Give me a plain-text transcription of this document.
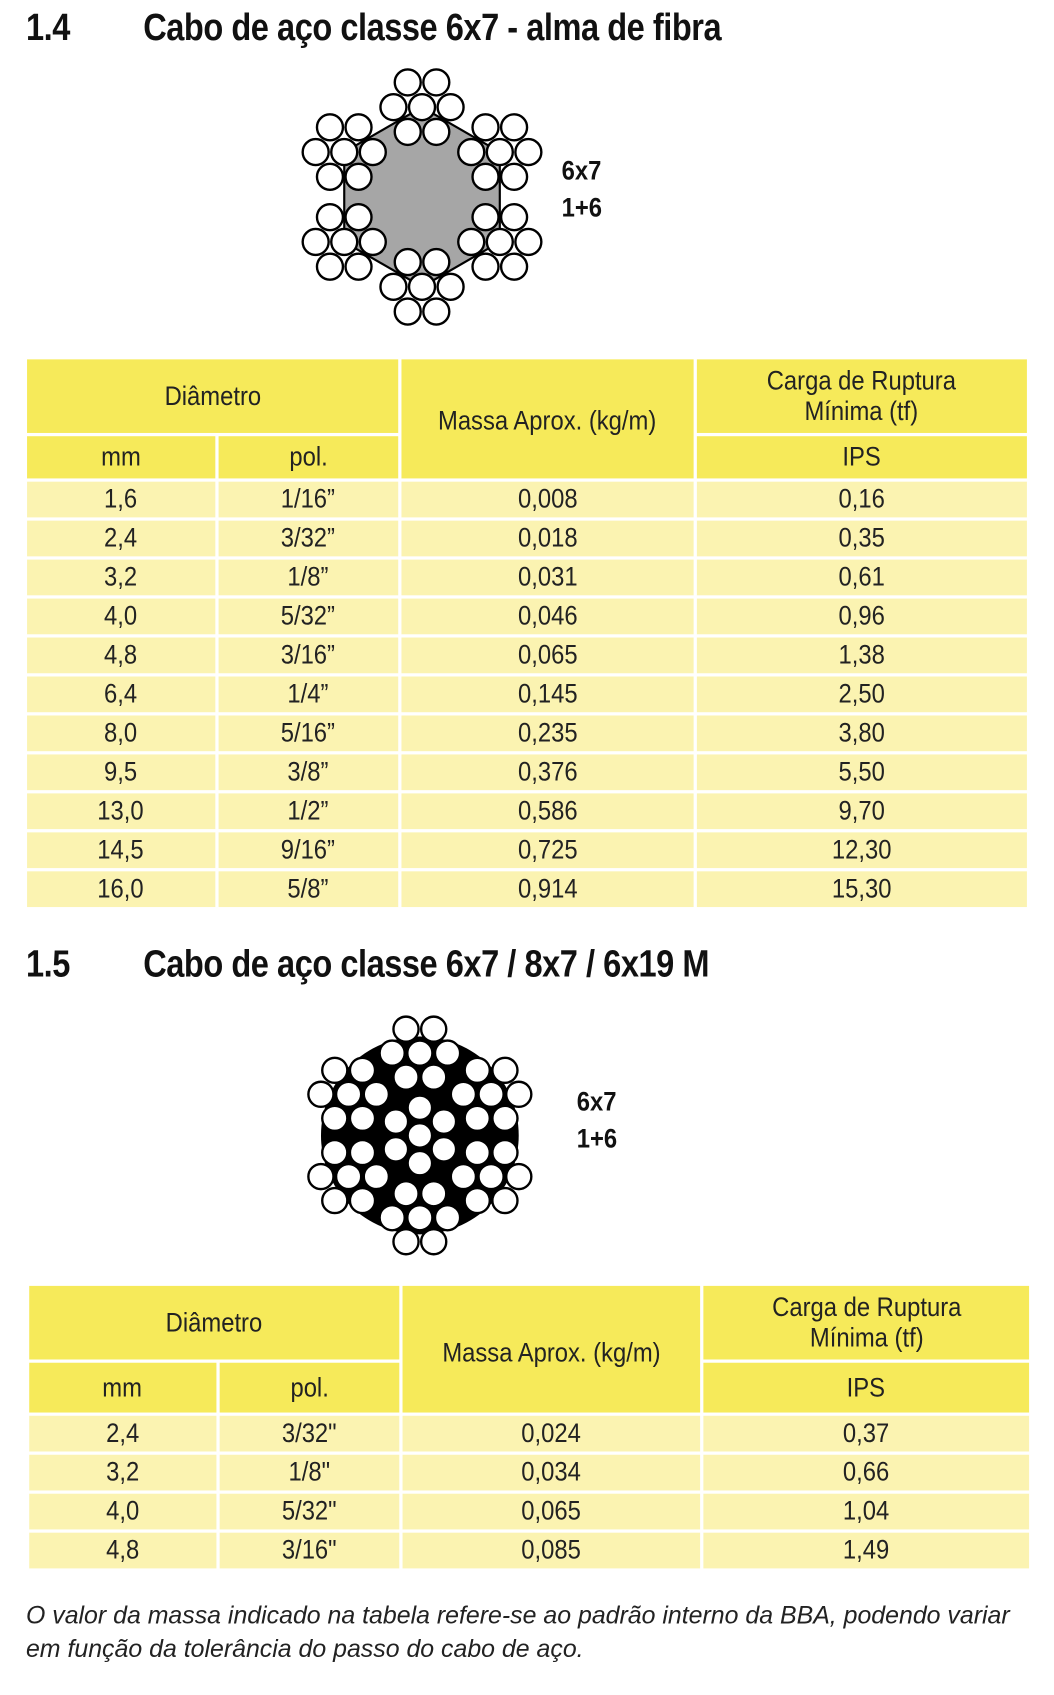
1.4 Cabo de aço classe 6x7 - alma de fibra
6x7
1+6
Diâmetro		Massa Aprox. (kg/m)	Carga de Ruptura Mínima (tf)
mm	pol.		IPS
1,6	1/16”	0,008	0,16
2,4	3/32”	0,018	0,35
3,2	1/8”	0,031	0,61
4,0	5/32”	0,046	0,96
4,8	3/16”	0,065	1,38
6,4	1/4”	0,145	2,50
8,0	5/16”	0,235	3,80
9,5	3/8”	0,376	5,50
13,0	1/2”	0,586	9,70
14,5	9/16”	0,725	12,30
16,0	5/8”	0,914	15,30
1.5 Cabo de aço classe 6x7 / 8x7 / 6x19 M
6x7
1+6
Diâmetro		Massa Aprox. (kg/m)	Carga de Ruptura Mínima (tf)
mm	pol.		IPS
2,4	3/32"	0,024	0,37
3,2	1/8"	0,034	0,66
4,0	5/32"	0,065	1,04
4,8	3/16"	0,085	1,49
O valor da massa indicado na tabela refere-se ao padrão interno da BBA, podendo variar em função da tolerância do passo do cabo de aço.
